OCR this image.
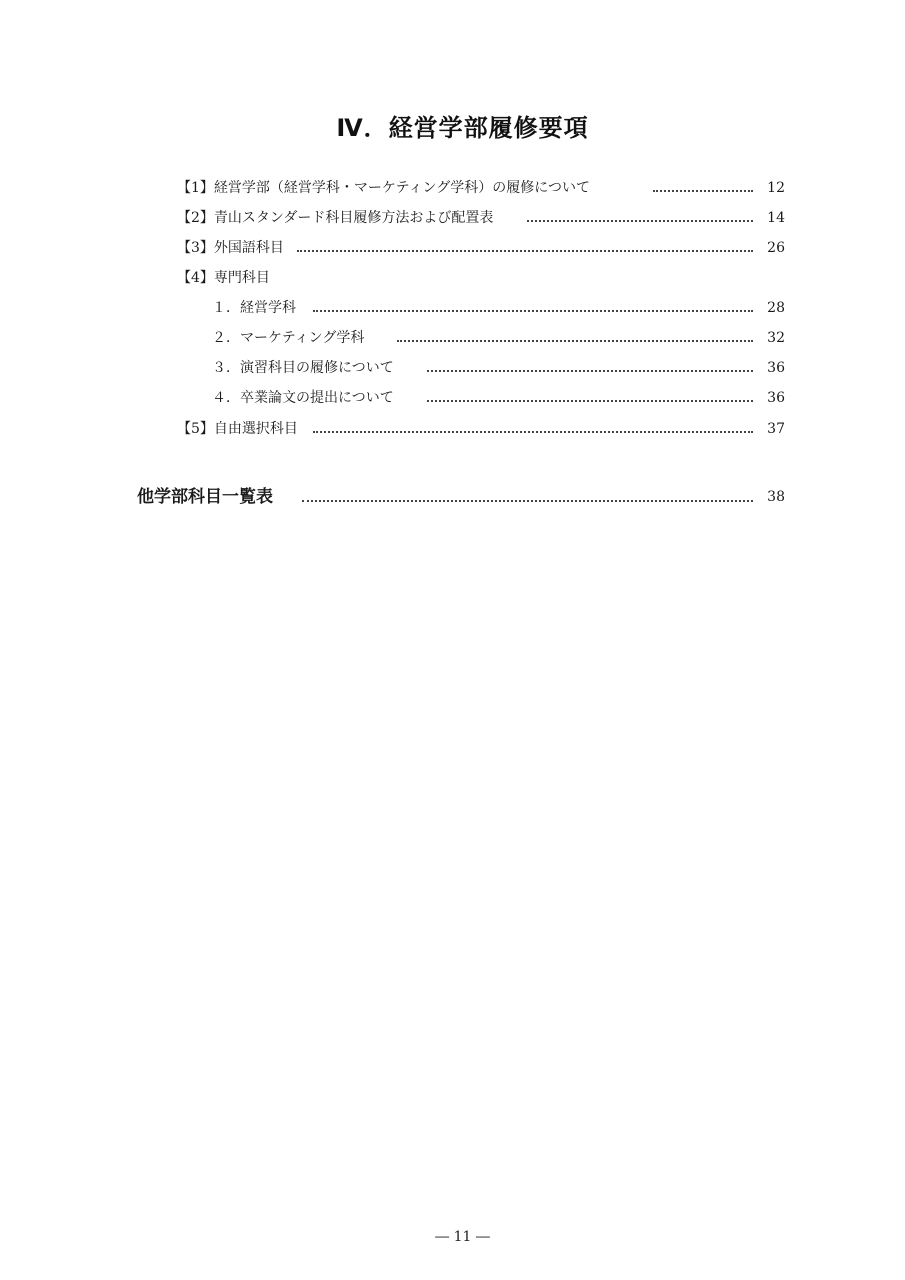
Ⅳ．経営学部履修要項
【1】経営学部（経営学科・マーケティング学科）の履修について	12
【2】青山スタンダード科目履修方法および配置表	14
【3】外国語科目	26
【4】専門科目
１．経営学科	28
２．マーケティング学科	32
３．演習科目の履修について	36
４．卒業論文の提出について	36
【5】自由選択科目	37
他学部科目一覧表	38
― 11 ―
